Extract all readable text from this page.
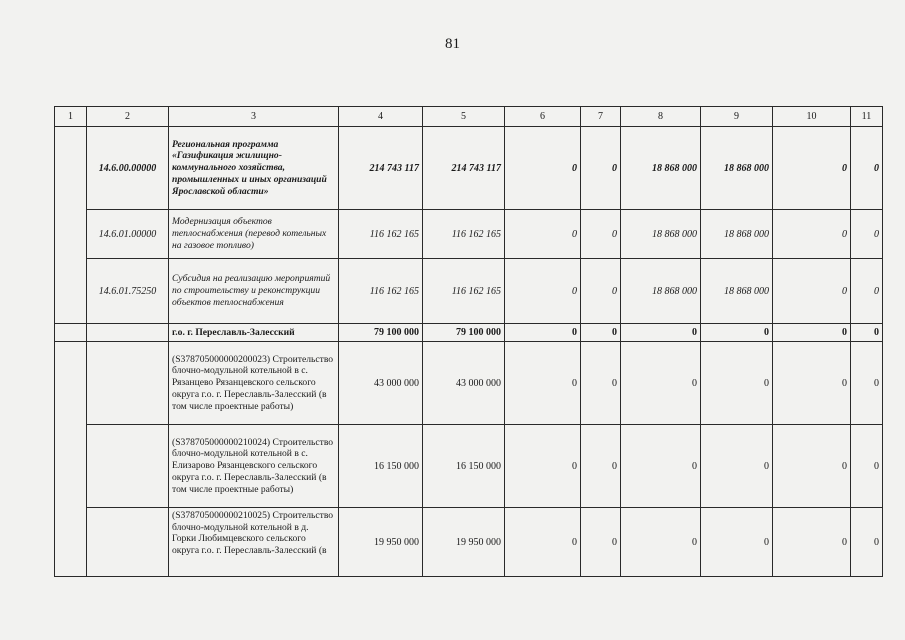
81
1	2	3	4	5	6	7	8	9	10	11
	14.6.00.00000	Региональная программа «Газификация жилищно-коммунального хозяйства, промышленных и иных организаций Ярославской области»	214 743 117	214 743 117	0	0	18 868 000	18 868 000	0	0
	14.6.01.00000	Модернизация объектов теплоснабжения (перевод котельных на газовое топливо)	116 162 165	116 162 165	0	0	18 868 000	18 868 000	0	0
	14.6.01.75250	Субсидия на реализацию мероприятий по строительству и реконструкции объектов теплоснабжения	116 162 165	116 162 165	0	0	18 868 000	18 868 000	0	0
		г.о. г. Переславль-Залесский	79 100 000	79 100 000	0	0	0	0	0	0
		(S378705000000200023) Строительство блочно-модульной котельной в с. Рязанцево Рязанцевского сельского округа г.о. г. Переславль-Залесский (в том числе проектные работы)	43 000 000	43 000 000	0	0	0	0	0	0
		(S378705000000210024) Строительство блочно-модульной котельной в с. Елизарово Рязанцевского сельского округа г.о. г. Переславль-Залесский (в том числе проектные работы)	16 150 000	16 150 000	0	0	0	0	0	0
		(S378705000000210025) Строительство блочно-модульной котельной в д. Горки Любимцевского сельского округа г.о. г. Переславль-Залесский (в	19 950 000	19 950 000	0	0	0	0	0	0
